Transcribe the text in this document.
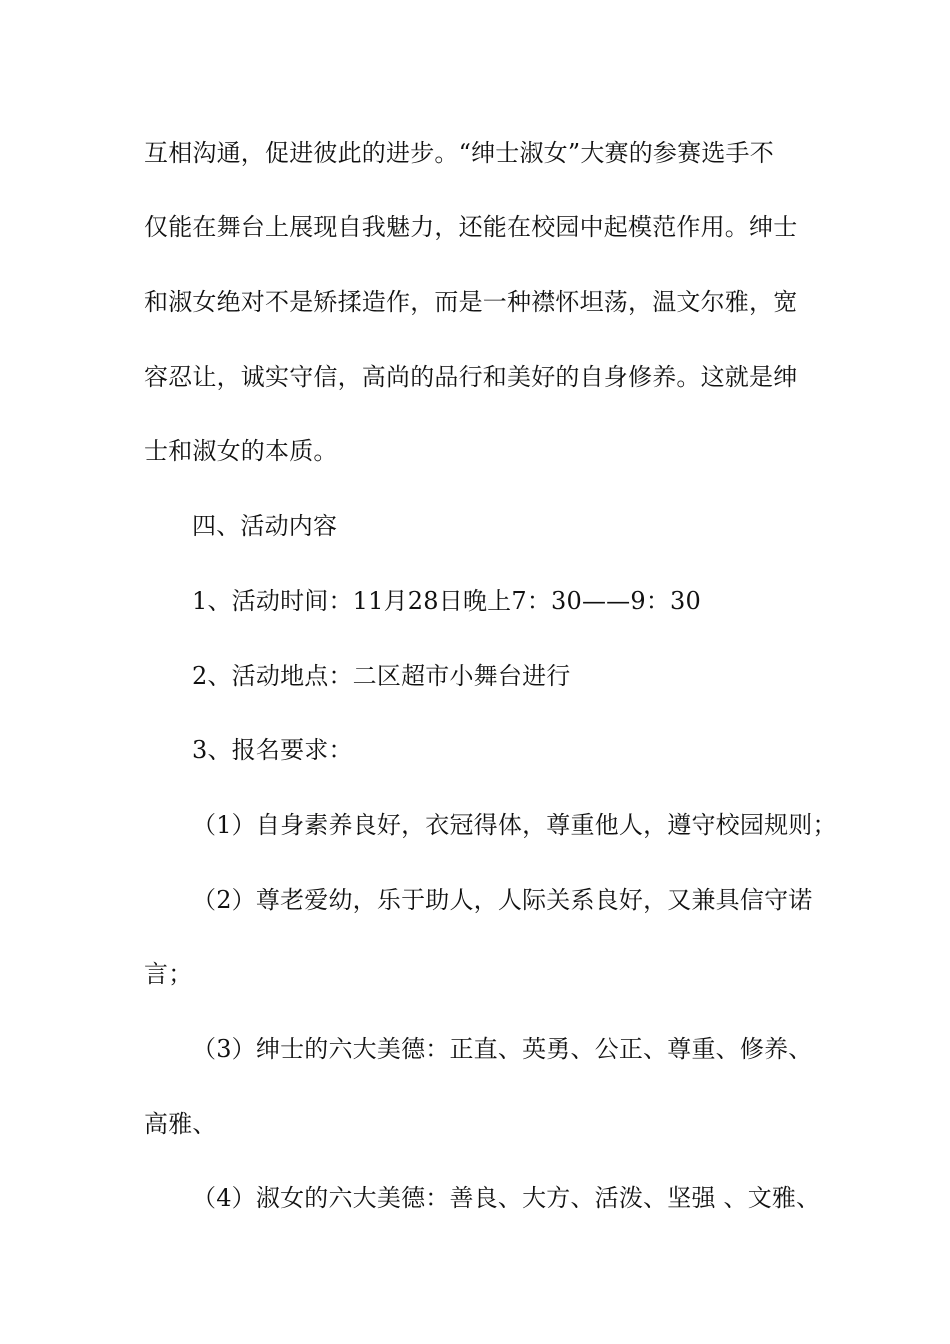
互相沟通，促进彼此的进步。“绅士淑女”大赛的参赛选手不
仅能在舞台上展现自我魅力，还能在校园中起模范作用。绅士
和淑女绝对不是矫揉造作，而是一种襟怀坦荡，温文尔雅，宽
容忍让，诚实守信，高尚的品行和美好的自身修养。这就是绅
士和淑女的本质。
四、活动内容
1、活动时间：11月28日晚上7：30——9：30
2、活动地点：二区超市小舞台进行
3、报名要求：
（1）自身素养良好，衣冠得体，尊重他人，遵守校园规则；
（2）尊老爱幼，乐于助人，人际关系良好，又兼具信守诺
言；
（3）绅士的六大美德：正直、英勇、公正、尊重、修养、
高雅、
（4）淑女的六大美德：善良、大方、活泼、坚强 、文雅、
